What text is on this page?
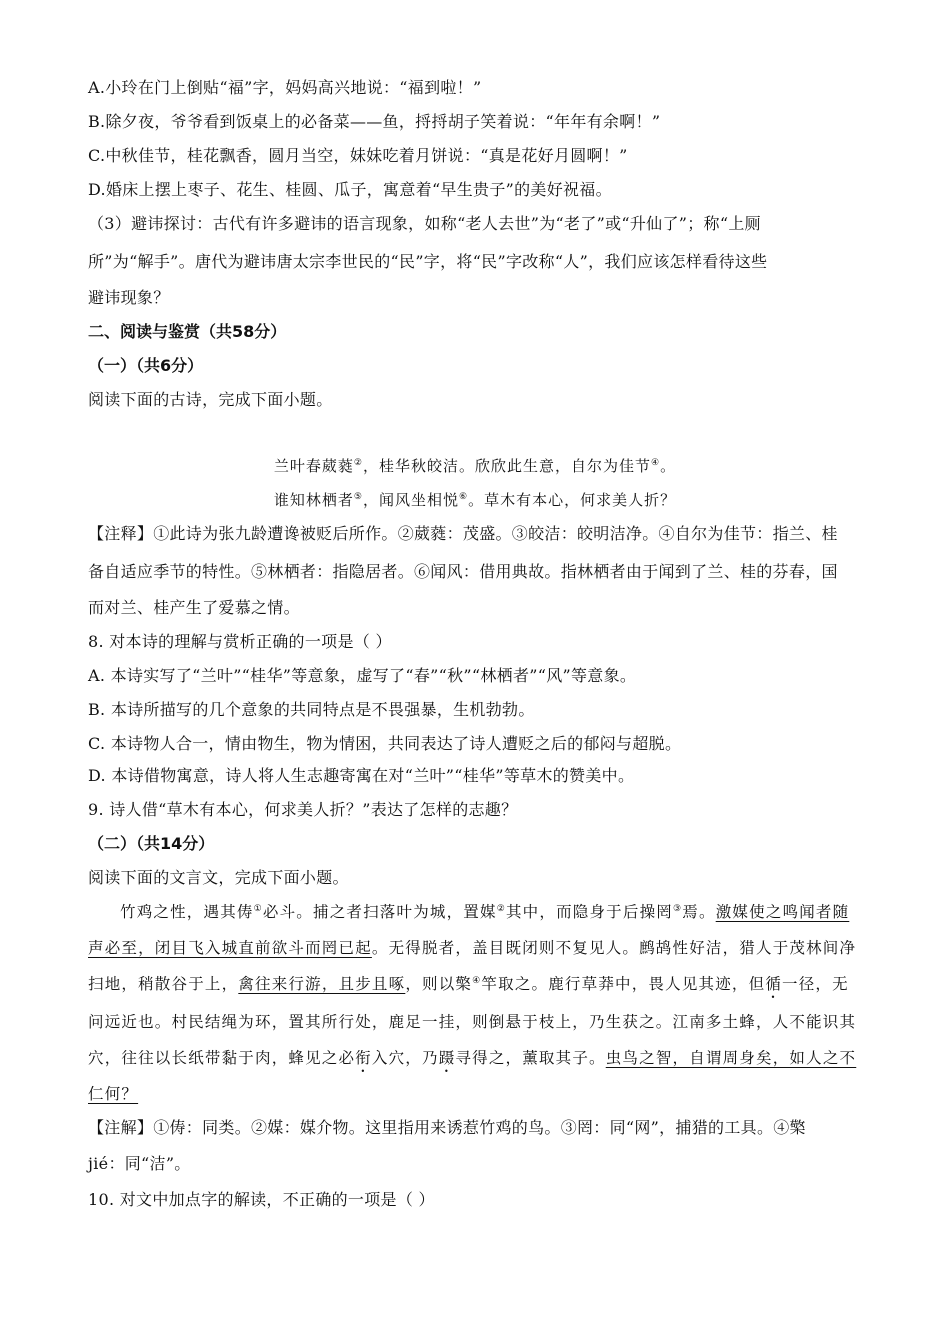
A.小玲在门上倒贴“福”字，妈妈高兴地说：“福到啦！”
B.除夕夜，爷爷看到饭桌上的必备菜——鱼，捋捋胡子笑着说：“年年有余啊！”
C.中秋佳节，桂花飘香，圆月当空，妹妹吃着月饼说：“真是花好月圆啊！”
D.婚床上摆上枣子、花生、桂圆、瓜子，寓意着“早生贵子”的美好祝福。
（3）避讳探讨：古代有许多避讳的语言现象，如称“老人去世”为“老了”或“升仙了”；称“上厕
所”为“解手”。唐代为避讳唐太宗李世民的“民”字，将“民”字改称“人”，我们应该怎样看待这些
避讳现象？
二、阅读与鉴赏（共58分）
（一）（共6分）
阅读下面的古诗，完成下面小题。
兰叶春葳蕤②，桂华秋皎洁。欣欣此生意，自尔为佳节④。
谁知林栖者⑤，闻风坐相悦⑥。草木有本心，何求美人折？
【注释】①此诗为张九龄遭谗被贬后所作。②葳蕤：茂盛。③皎洁：皎明洁净。④自尔为佳节：指兰、桂
备自适应季节的特性。⑤林栖者：指隐居者。⑥闻风：借用典故。指林栖者由于闻到了兰、桂的芬春，国
而对兰、桂产生了爱慕之情。
8. 对本诗的理解与赏析正确的一项是（ ）
A. 本诗实写了“兰叶”“桂华”等意象，虚写了“春”“秋”“林栖者”“风”等意象。
B. 本诗所描写的几个意象的共同特点是不畏强暴，生机勃勃。
C. 本诗物人合一，情由物生，物为情困，共同表达了诗人遭贬之后的郁闷与超脱。
D. 本诗借物寓意，诗人将人生志趣寄寓在对“兰叶”“桂华”等草木的赞美中。
9. 诗人借“草木有本心，何求美人折？”表达了怎样的志趣？
（二）（共14分）
阅读下面的文言文，完成下面小题。
竹鸡之性，遇其俦①必斗。捕之者扫落叶为城，置媒②其中，而隐身于后操罔③焉。激媒使之鸣闻者随
声必至，闭目飞入城直前欲斗而罔已起。无得脱者，盖目既闭则不复见人。鹧鸪性好洁，猎人于茂林间净
扫地，稍散谷于上，禽往来行游，且步且啄，则以檠④竿取之。鹿行草莽中，畏人见其迹，但循一径，无
问远近也。村民结绳为环，置其所行处，鹿足一挂，则倒悬于枝上，乃生获之。江南多土蜂，人不能识其
穴，往往以长纸带黏于肉，蜂见之必衔入穴，乃蹑寻得之，薰取其子。虫鸟之智，自谓周身矣，如人之不
仁何？
【注解】①俦：同类。②媒：媒介物。这里指用来诱惹竹鸡的鸟。③罔：同“网”，捕猎的工具。④檠
jié：同“洁”。
10. 对文中加点字的解读，不正确的一项是（ ）
